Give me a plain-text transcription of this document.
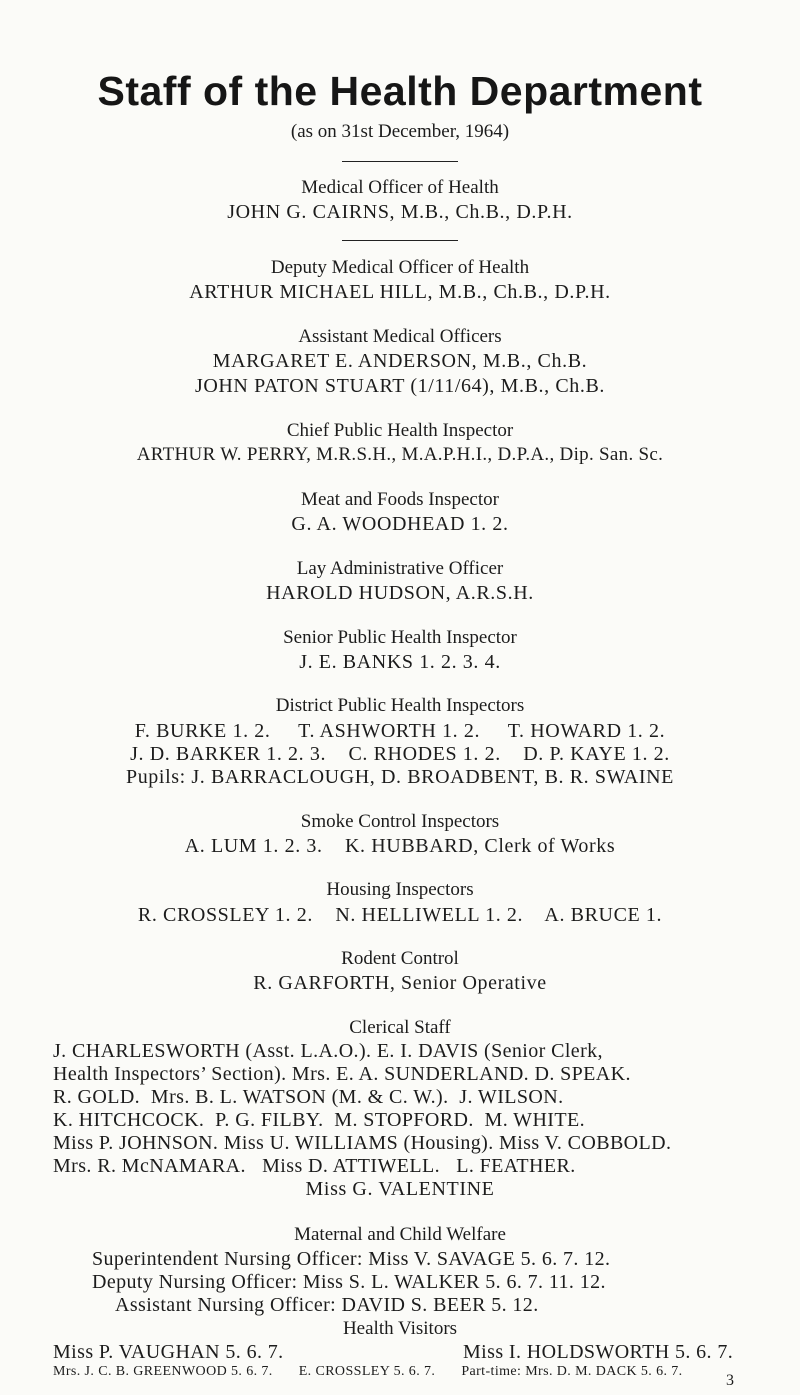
Staff of the Health Department
(as on 31st December, 1964)
Medical Officer of Health
JOHN G. CAIRNS, M.B., Ch.B., D.P.H.
Deputy Medical Officer of Health
ARTHUR MICHAEL HILL, M.B., Ch.B., D.P.H.
Assistant Medical Officers
MARGARET E. ANDERSON, M.B., Ch.B.
JOHN PATON STUART (1/11/64), M.B., Ch.B.
Chief Public Health Inspector
ARTHUR W. PERRY, M.R.S.H., M.A.P.H.I., D.P.A., Dip. San. Sc.
Meat and Foods Inspector
G. A. WOODHEAD 1. 2.
Lay Administrative Officer
HAROLD HUDSON, A.R.S.H.
Senior Public Health Inspector
J. E. BANKS 1. 2. 3. 4.
District Public Health Inspectors
F. BURKE 1. 2.     T. ASHWORTH 1. 2.     T. HOWARD 1. 2.
J. D. BARKER 1. 2. 3.    C. RHODES 1. 2.    D. P. KAYE 1. 2.
Pupils: J. BARRACLOUGH, D. BROADBENT, B. R. SWAINE
Smoke Control Inspectors
A. LUM 1. 2. 3.    K. HUBBARD, Clerk of Works
Housing Inspectors
R. CROSSLEY 1. 2.    N. HELLIWELL 1. 2.    A. BRUCE 1.
Rodent Control
R. GARFORTH, Senior Operative
Clerical Staff
J. CHARLESWORTH (Asst. L.A.O.). E. I. DAVIS (Senior Clerk,
Health Inspectors’ Section). Mrs. E. A. SUNDERLAND. D. SPEAK.
R. GOLD.  Mrs. B. L. WATSON (M. & C. W.).  J. WILSON.
K. HITCHCOCK.  P. G. FILBY.  M. STOPFORD.  M. WHITE.
Miss P. JOHNSON. Miss U. WILLIAMS (Housing). Miss V. COBBOLD.
Mrs. R. McNAMARA.   Miss D. ATTIWELL.   L. FEATHER.
Miss G. VALENTINE
Maternal and Child Welfare
Superintendent Nursing Officer: Miss V. SAVAGE 5. 6. 7. 12.
Deputy Nursing Officer: Miss S. L. WALKER 5. 6. 7. 11. 12.
Assistant Nursing Officer: DAVID S. BEER 5. 12.
3
Health Visitors
Miss P. VAUGHAN 5. 6. 7.	Miss I. HOLDSWORTH 5. 6. 7.
Mrs. J. C. B. GREENWOOD 5. 6. 7. E. CROSSLEY 5. 6. 7. Part-time: Mrs. D. M. DACK 5. 6. 7.
